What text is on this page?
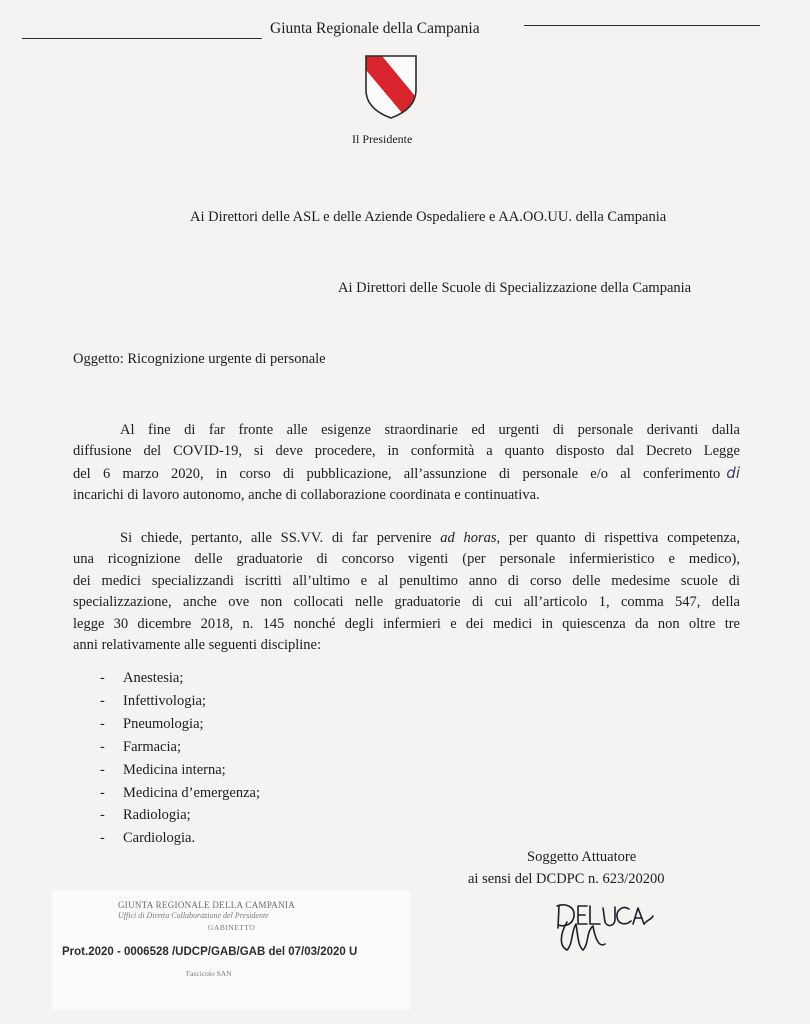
Giunta Regionale della Campania
Il Presidente
Ai Direttori delle ASL e delle Aziende Ospedaliere e AA.OO.UU. della Campania
Ai Direttori delle Scuole di Specializzazione della Campania
Oggetto: Ricognizione urgente di personale
Al fine di far fronte alle esigenze straordinarie ed urgenti di personale derivanti dalla
diffusione del COVID-19, si deve procedere, in conformità a quanto disposto dal Decreto Legge
del 6 marzo 2020, in corso di pubblicazione, all’assunzione di personale e/o al conferimento di
incarichi di lavoro autonomo, anche di collaborazione coordinata e continuativa.
Si chiede, pertanto, alle SS.VV. di far pervenire ad horas, per quanto di rispettiva competenza,
una ricognizione delle graduatorie di concorso vigenti (per personale infermieristico e medico),
dei medici specializzandi iscritti all’ultimo e al penultimo anno di corso delle medesime scuole di
specializzazione, anche ove non collocati nelle graduatorie di cui all’articolo 1, comma 547, della
legge 30 dicembre 2018, n. 145 nonché degli infermieri e dei medici in quiescenza da non oltre tre
anni relativamente alle seguenti discipline:
-	Anestesia;
-	Infettivologia;
-	Pneumologia;
-	Farmacia;
-	Medicina interna;
-	Medicina d’emergenza;
-	Radiologia;
-	Cardiologia.
Soggetto Attuatore
ai sensi del DCDPC n. 623/20200
GIUNTA REGIONALE DELLA CAMPANIA
Uffici di Diretta Collaborazione del Presidente
GABINETTO
Prot.2020 - 0006528 /UDCP/GAB/GAB del 07/03/2020 U
Fascicolo SAN
